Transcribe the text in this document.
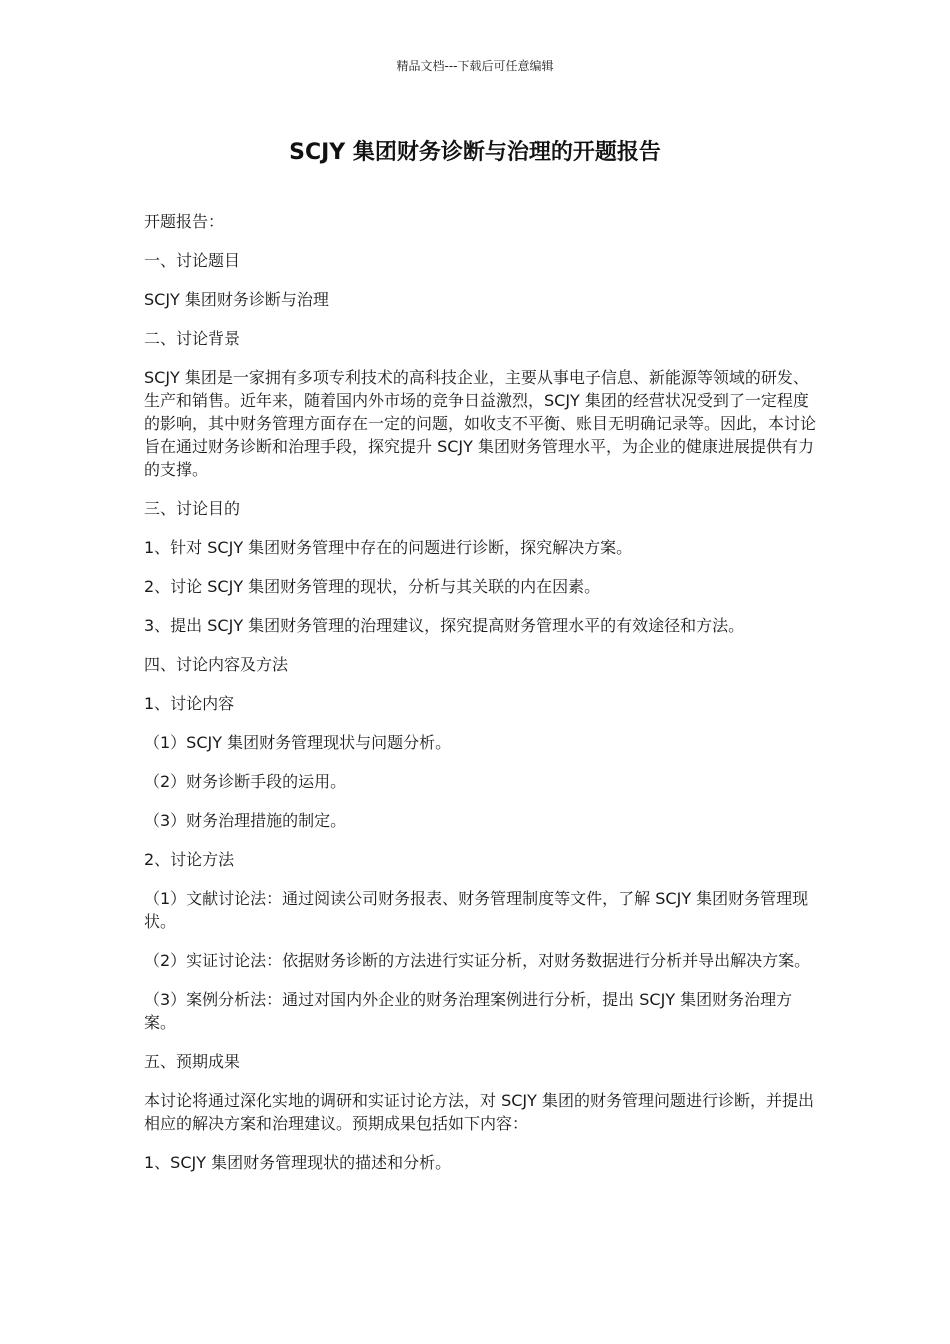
精品文档---下载后可任意编辑
SCJY 集团财务诊断与治理的开题报告

开题报告：

一、讨论题目

SCJY 集团财务诊断与治理

二、讨论背景

SCJY 集团是一家拥有多项专利技术的高科技企业，主要从事电子信息、新能源等领域的研发、生产和销售。近年来，随着国内外市场的竞争日益激烈，SCJY 集团的经营状况受到了一定程度的影响，其中财务管理方面存在一定的问题，如收支不平衡、账目无明确记录等。因此，本讨论旨在通过财务诊断和治理手段，探究提升 SCJY 集团财务管理水平，为企业的健康进展提供有力的支撑。

三、讨论目的

1、针对 SCJY 集团财务管理中存在的问题进行诊断，探究解决方案。

2、讨论 SCJY 集团财务管理的现状，分析与其关联的内在因素。

3、提出 SCJY 集团财务管理的治理建议，探究提高财务管理水平的有效途径和方法。

四、讨论内容及方法

1、讨论内容

（1）SCJY 集团财务管理现状与问题分析。

（2）财务诊断手段的运用。

（3）财务治理措施的制定。

2、讨论方法

（1）文献讨论法：通过阅读公司财务报表、财务管理制度等文件，了解 SCJY 集团财务管理现状。

（2）实证讨论法：依据财务诊断的方法进行实证分析，对财务数据进行分析并导出解决方案。

（3）案例分析法：通过对国内外企业的财务治理案例进行分析，提出 SCJY 集团财务治理方案。

五、预期成果

本讨论将通过深化实地的调研和实证讨论方法，对 SCJY 集团的财务管理问题进行诊断，并提出相应的解决方案和治理建议。预期成果包括如下内容：

1、SCJY 集团财务管理现状的描述和分析。
